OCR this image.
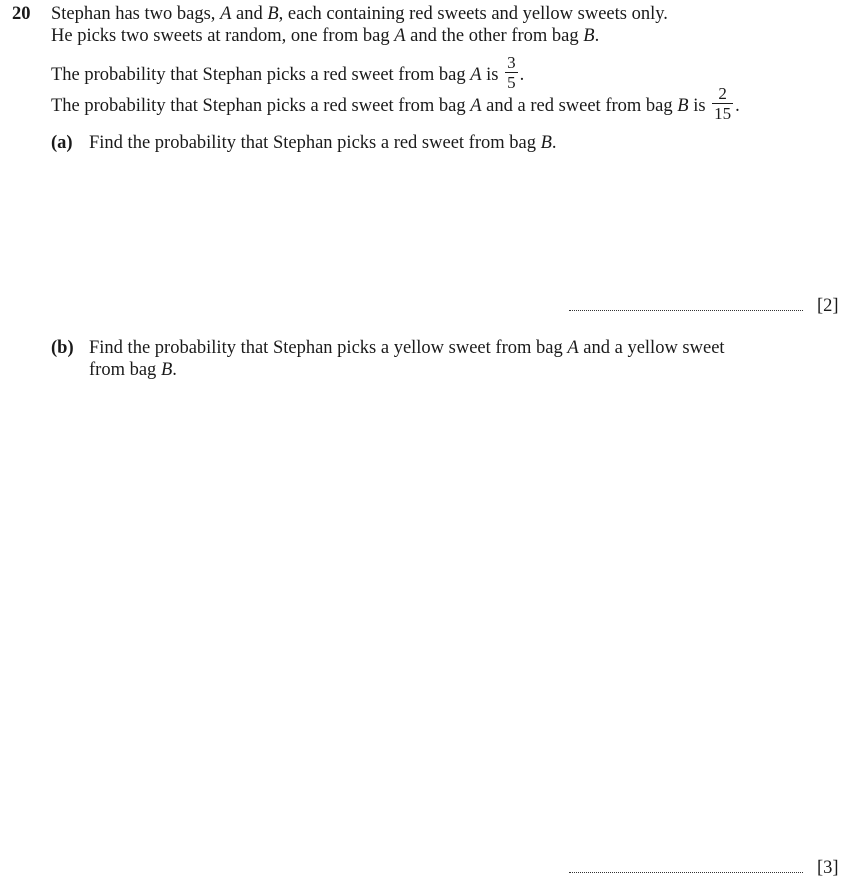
20 Stephan has two bags, A and B, each containing red sweets and yellow sweets only.
He picks two sweets at random, one from bag A and the other from bag B.
The probability that Stephan picks a red sweet from bag A is $\frac{3}{5}$ .
The probability that Stephan picks a red sweet from bag A and a red sweet from bag B is $\frac{2}{15}$ .
(a) Find the probability that Stephan picks a red sweet from bag B.
[2]
(b) Find the probability that Stephan picks a yellow sweet from bag A and a yellow sweet
from bag B.
[3]
